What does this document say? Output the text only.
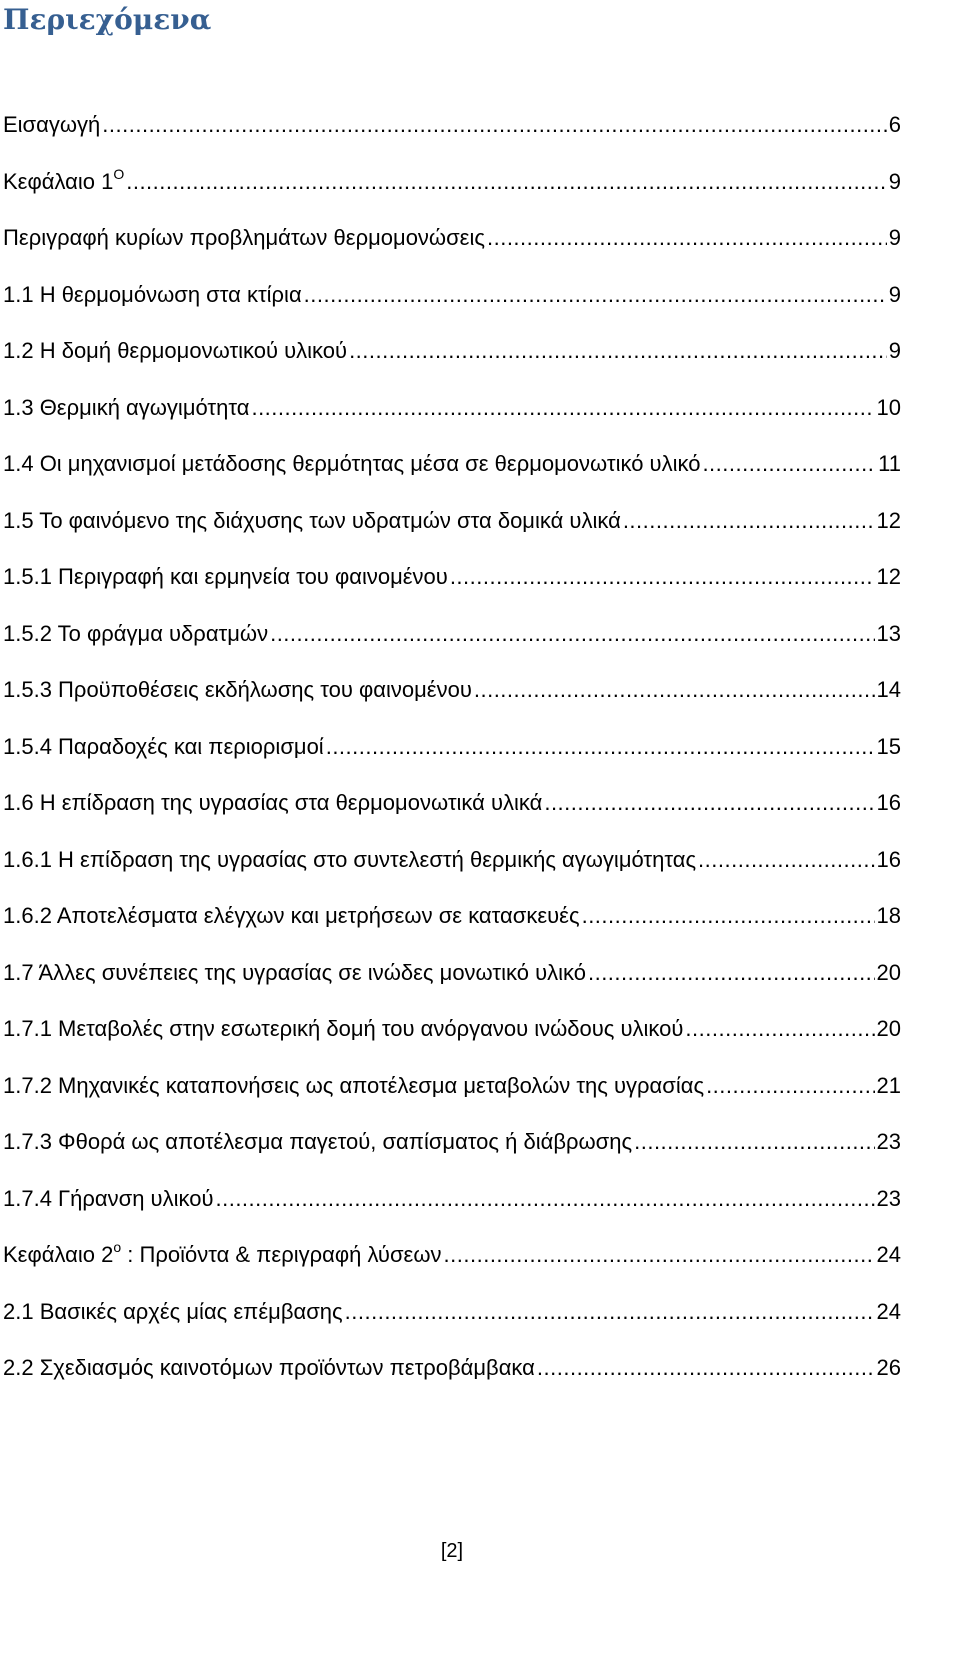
Περιεχόμενα
Εισαγωγή .....	6
Κεφάλαιο $1^O$ .....	9
Περιγραφή κυρίων προβλημάτων θερμομονώσεις .....	9
1.1 Η θερμομόνωση στα κτίρια .....	9
1.2 Η δομή θερμομονωτικού υλικού .....	9
1.3 Θερμική αγωγιμότητα .....	10
1.4 Οι μηχανισμοί μετάδοσης θερμότητας μέσα σε θερμομονωτικό υλικό .....	11
1.5 Το φαινόμενο της διάχυσης των υδρατμών στα δομικά υλικά .....	12
1.5.1 Περιγραφή και ερμηνεία του φαινομένου .....	12
1.5.2 Το φράγμα υδρατμών .....	13
1.5.3 Προϋποθέσεις εκδήλωσης του φαινομένου .....	14
1.5.4 Παραδοχές και περιορισμοί .....	15
1.6 Η επίδραση της υγρασίας στα θερμομονωτικά υλικά .....	16
1.6.1 Η επίδραση της υγρασίας στο συντελεστή θερμικής αγωγιμότητας .....	16
1.6.2 Αποτελέσματα ελέγχων και μετρήσεων σε κατασκευές .....	18
1.7 Άλλες συνέπειες της υγρασίας σε ινώδες μονωτικό υλικό .....	20
1.7.1 Μεταβολές στην εσωτερική δομή του ανόργανου ινώδους υλικού .....	20
1.7.2 Μηχανικές καταπονήσεις ως αποτέλεσμα μεταβολών της υγρασίας .....	21
1.7.3 Φθορά ως αποτέλεσμα παγετού, σαπίσματος ή διάβρωσης .....	23
1.7.4 Γήρανση υλικού .....	23
Κεφάλαιο $2^o$ : Προϊόντα & περιγραφή λύσεων .....	24
2.1 Βασικές αρχές μίας επέμβασης .....	24
2.2 Σχεδιασμός καινοτόμων προϊόντων πετροβάμβακα .....	26
[2]
